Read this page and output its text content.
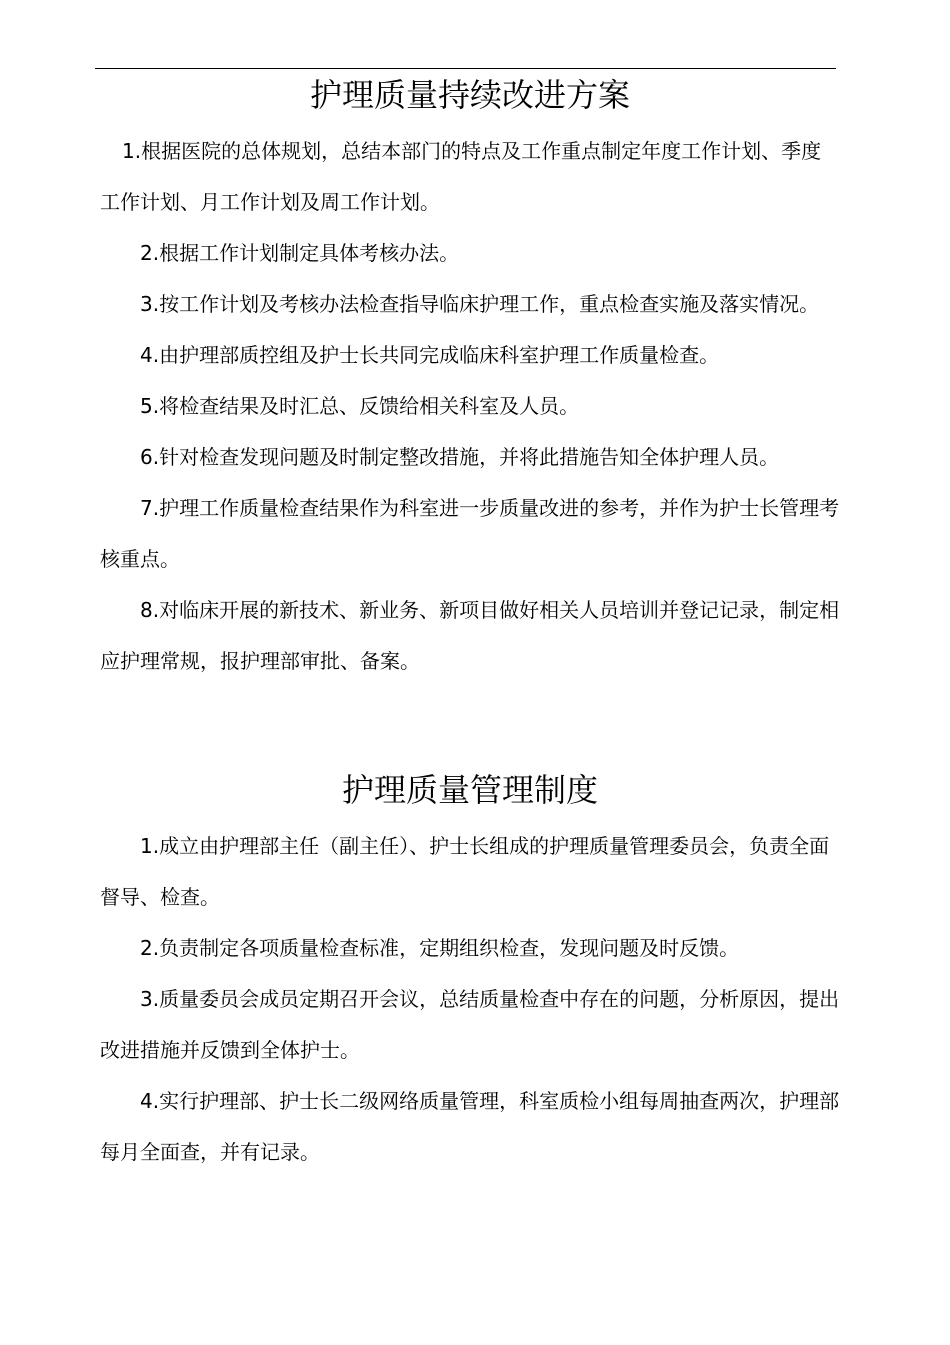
护理质量持续改进方案

1.根据医院的总体规划，总结本部门的特点及工作重点制定年度工作计划、季度工作计划、月工作计划及周工作计划。

2.根据工作计划制定具体考核办法。

3.按工作计划及考核办法检查指导临床护理工作，重点检查实施及落实情况。

4.由护理部质控组及护士长共同完成临床科室护理工作质量检查。

5.将检查结果及时汇总、反馈给相关科室及人员。

6.针对检查发现问题及时制定整改措施，并将此措施告知全体护理人员。

7.护理工作质量检查结果作为科室进一步质量改进的参考，并作为护士长管理考核重点。

8.对临床开展的新技术、新业务、新项目做好相关人员培训并登记记录，制定相应护理常规，报护理部审批、备案。

护理质量管理制度

1.成立由护理部主任（副主任）、护士长组成的护理质量管理委员会，负责全面督导、检查。

2.负责制定各项质量检查标准，定期组织检查，发现问题及时反馈。

3.质量委员会成员定期召开会议，总结质量检查中存在的问题，分析原因，提出改进措施并反馈到全体护士。

4.实行护理部、护士长二级网络质量管理，科室质检小组每周抽查两次，护理部每月全面查，并有记录。
